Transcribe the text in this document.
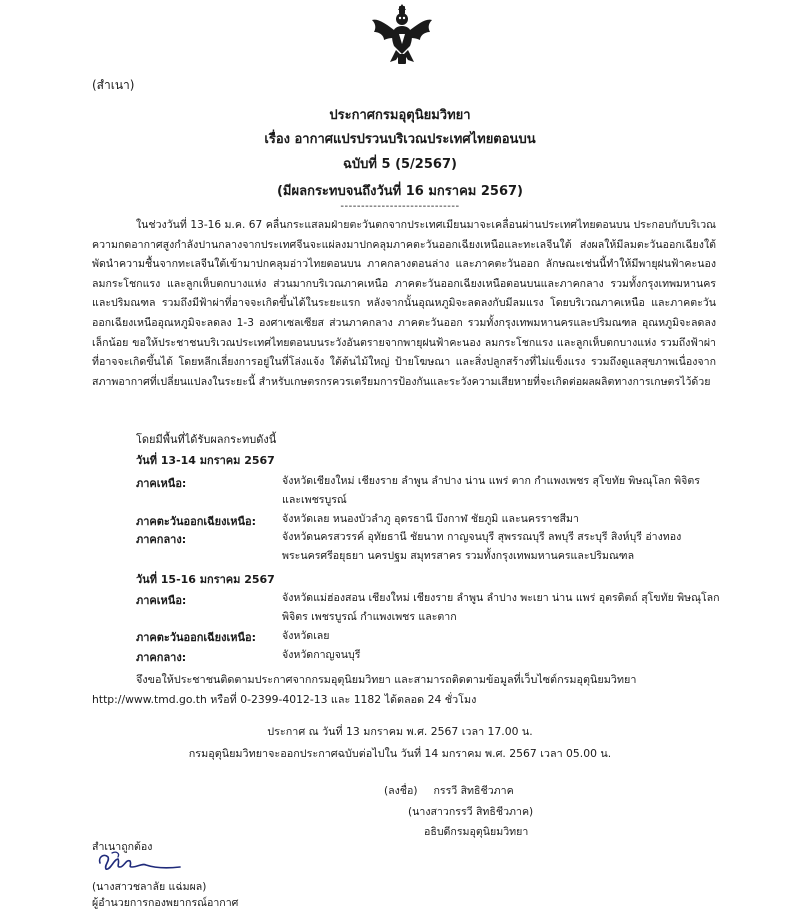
(สำเนา)
ประกาศกรมอุตุนิยมวิทยา
เรื่อง อากาศแปรปรวนบริเวณประเทศไทยตอนบน
ฉบับที่ 5 (5/2567)
(มีผลกระทบจนถึงวันที่ 16 มกราคม 2567)
-----------------------------
ในช่วงวันที่ 13-16 ม.ค. 67 คลื่นกระแสลมฝ่ายตะวันตกจากประเทศเมียนมาจะเคลื่อนผ่านประเทศไทยตอนบน ประกอบกับบริเวณความกดอากาศสูงกำลังปานกลางจากประเทศจีนจะแผ่ลงมาปกคลุมภาคตะวันออกเฉียงเหนือและทะเลจีนใต้ ส่งผลให้มีลมตะวันออกเฉียงใต้พัดนำความชื้นจากทะเลจีนใต้เข้ามาปกคลุมอ่าวไทยตอนบน ภาคกลางตอนล่าง และภาคตะวันออก ลักษณะเช่นนี้ทำให้มีพายุฝนฟ้าคะนอง ลมกระโชกแรง และลูกเห็บตกบางแห่ง ส่วนมากบริเวณภาคเหนือ ภาคตะวันออกเฉียงเหนือตอนบนและภาคกลาง รวมทั้งกรุงเทพมหานครและปริมณฑล รวมถึงมีฟ้าผ่าที่อาจจะเกิดขึ้นได้ในระยะแรก หลังจากนั้นอุณหภูมิจะลดลงกับมีลมแรง โดยบริเวณภาคเหนือ และภาคตะวันออกเฉียงเหนืออุณหภูมิจะลดลง 1-3 องศาเซลเซียส ส่วนภาคกลาง ภาคตะวันออก รวมทั้งกรุงเทพมหานครและปริมณฑล อุณหภูมิจะลดลงเล็กน้อย ขอให้ประชาชนบริเวณประเทศไทยตอนบนระวังอันตรายจากพายุฝนฟ้าคะนอง ลมกระโชกแรง และลูกเห็บตกบางแห่ง รวมถึงฟ้าผ่าที่อาจจะเกิดขึ้นได้ โดยหลีกเลี่ยงการอยู่ในที่โล่งแจ้ง ใต้ต้นไม้ใหญ่ ป้ายโฆษณา และสิ่งปลูกสร้างที่ไม่แข็งแรง รวมถึงดูแลสุขภาพเนื่องจากสภาพอากาศที่เปลี่ยนแปลงในระยะนี้ สำหรับเกษตรกรควรเตรียมการป้องกันและระวังความเสียหายที่จะเกิดต่อผลผลิตทางการเกษตรไว้ด้วย
โดยมีพื้นที่ได้รับผลกระทบดังนี้
วันที่ 13-14 มกราคม 2567
ภาคเหนือ:	จังหวัดเชียงใหม่ เชียงราย ลำพูน ลำปาง น่าน แพร่ ตาก กำแพงเพชร สุโขทัย พิษณุโลก พิจิตร และเพชรบูรณ์
ภาคตะวันออกเฉียงเหนือ: จังหวัดเลย หนองบัวลำภู อุดรธานี บึงกาฬ ชัยภูมิ และนครราชสีมา
ภาคกลาง:	จังหวัดนครสวรรค์ อุทัยธานี ชัยนาท กาญจนบุรี สุพรรณบุรี ลพบุรี สระบุรี สิงห์บุรี อ่างทอง พระนครศรีอยุธยา นครปฐม สมุทรสาคร รวมทั้งกรุงเทพมหานครและปริมณฑล
วันที่ 15-16 มกราคม 2567
ภาคเหนือ:	จังหวัดแม่ฮ่องสอน เชียงใหม่ เชียงราย ลำพูน ลำปาง พะเยา น่าน แพร่ อุตรดิตถ์ สุโขทัย พิษณุโลก พิจิตร เพชรบูรณ์ กำแพงเพชร และตาก
ภาคตะวันออกเฉียงเหนือ: จังหวัดเลย
ภาคกลาง:	จังหวัดกาญจนบุรี
จึงขอให้ประชาชนติดตามประกาศจากกรมอุตุนิยมวิทยา และสามารถติดตามข้อมูลที่เว็บไซต์กรมอุตุนิยมวิทยา http://www.tmd.go.th หรือที่ 0-2399-4012-13 และ 1182 ได้ตลอด 24 ชั่วโมง
ประกาศ ณ วันที่ 13 มกราคม พ.ศ. 2567 เวลา 17.00 น.
กรมอุตุนิยมวิทยาจะออกประกาศฉบับต่อไปใน วันที่ 14 มกราคม พ.ศ. 2567 เวลา 05.00 น.
(ลงชื่อ) กรรวี สิทธิชีวภาค
(นางสาวกรรวี สิทธิชีวภาค)
อธิบดีกรมอุตุนิยมวิทยา
สำเนาถูกต้อง
(นางสาวชลาลัย แฉ่มผล)
ผู้อำนวยการกองพยากรณ์อากาศ
